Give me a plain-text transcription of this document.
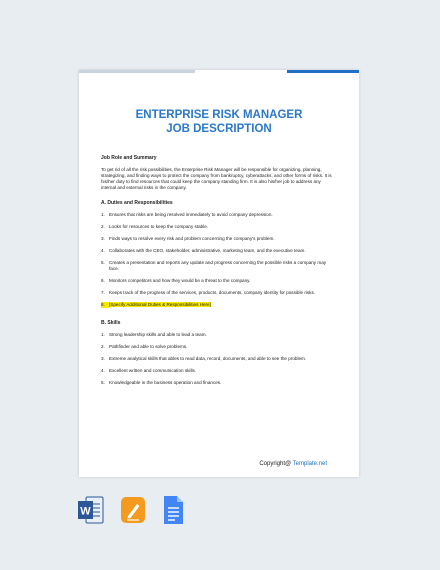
ENTERPRISE RISK MANAGER
JOB DESCRIPTION

Job Role and Summary

To get rid of all the risk possibilities, the Enterprise Risk Manager will be responsible for organizing, planning, strategizing, and finding ways to protect the company from bankruptcy, cyberattacks, and other forms of risks. It is his/her duty to find resources that could keep the company standing firm. It is also his/her job to address any internal and external risks in the company.

A. Duties and Responsibilities

1. Ensures that risks are being resolved immediately to avoid company depression.
2. Looks for resources to keep the company stable.
3. Finds ways to resolve every risk and problem concerning the company's problem.
4. Collaborates with the CEO, stakeholder, administrative, marketing team, and the executive team.
5. Creates a presentation and reports any update and progress concerning the possible risks a company may face.
6. Monitors competitors and how they would be a threat to the company.
7. Keeps track of the progress of the services, products, documents, company identity for possible risks.
8. [Specify Additional Duties & Responsibilities Here]

B. Skills

1. Strong leadership skills and able to lead a team.
2. Pathfinder and able to solve problems.
3. Extreme analytical skills that ables to read data, record, documents, and able to see the problem.
4. Excellent written and communication skills.
5. Knowledgeable in the business operation and finances.
Copyright@ Template.net
W
